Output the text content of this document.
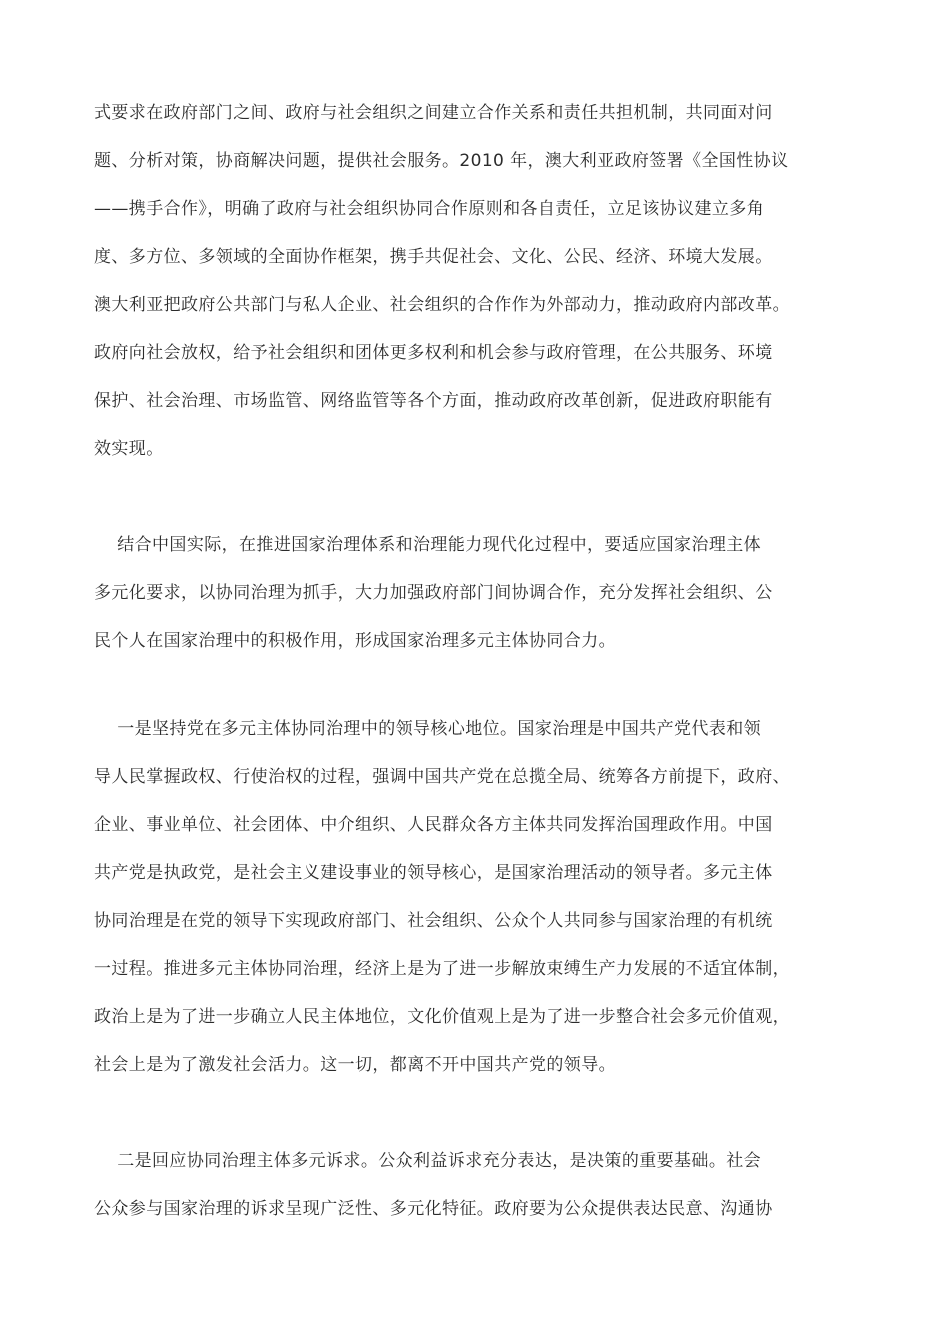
式要求在政府部门之间、政府与社会组织之间建立合作关系和责任共担机制，共同面对问
题、分析对策，协商解决问题，提供社会服务。2010 年，澳大利亚政府签署《全国性协议
——携手合作》，明确了政府与社会组织协同合作原则和各自责任，立足该协议建立多角
度、多方位、多领域的全面协作框架，携手共促社会、文化、公民、经济、环境大发展。
澳大利亚把政府公共部门与私人企业、社会组织的合作作为外部动力，推动政府内部改革。
政府向社会放权，给予社会组织和团体更多权利和机会参与政府管理，在公共服务、环境
保护、社会治理、市场监管、网络监管等各个方面，推动政府改革创新，促进政府职能有
效实现。
结合中国实际，在推进国家治理体系和治理能力现代化过程中，要适应国家治理主体
多元化要求，以协同治理为抓手，大力加强政府部门间协调合作，充分发挥社会组织、公
民个人在国家治理中的积极作用，形成国家治理多元主体协同合力。
一是坚持党在多元主体协同治理中的领导核心地位。国家治理是中国共产党代表和领
导人民掌握政权、行使治权的过程，强调中国共产党在总揽全局、统筹各方前提下，政府、
企业、事业单位、社会团体、中介组织、人民群众各方主体共同发挥治国理政作用。中国
共产党是执政党，是社会主义建设事业的领导核心，是国家治理活动的领导者。多元主体
协同治理是在党的领导下实现政府部门、社会组织、公众个人共同参与国家治理的有机统
一过程。推进多元主体协同治理，经济上是为了进一步解放束缚生产力发展的不适宜体制，
政治上是为了进一步确立人民主体地位，文化价值观上是为了进一步整合社会多元价值观，
社会上是为了激发社会活力。这一切，都离不开中国共产党的领导。
二是回应协同治理主体多元诉求。公众利益诉求充分表达，是决策的重要基础。社会
公众参与国家治理的诉求呈现广泛性、多元化特征。政府要为公众提供表达民意、沟通协
